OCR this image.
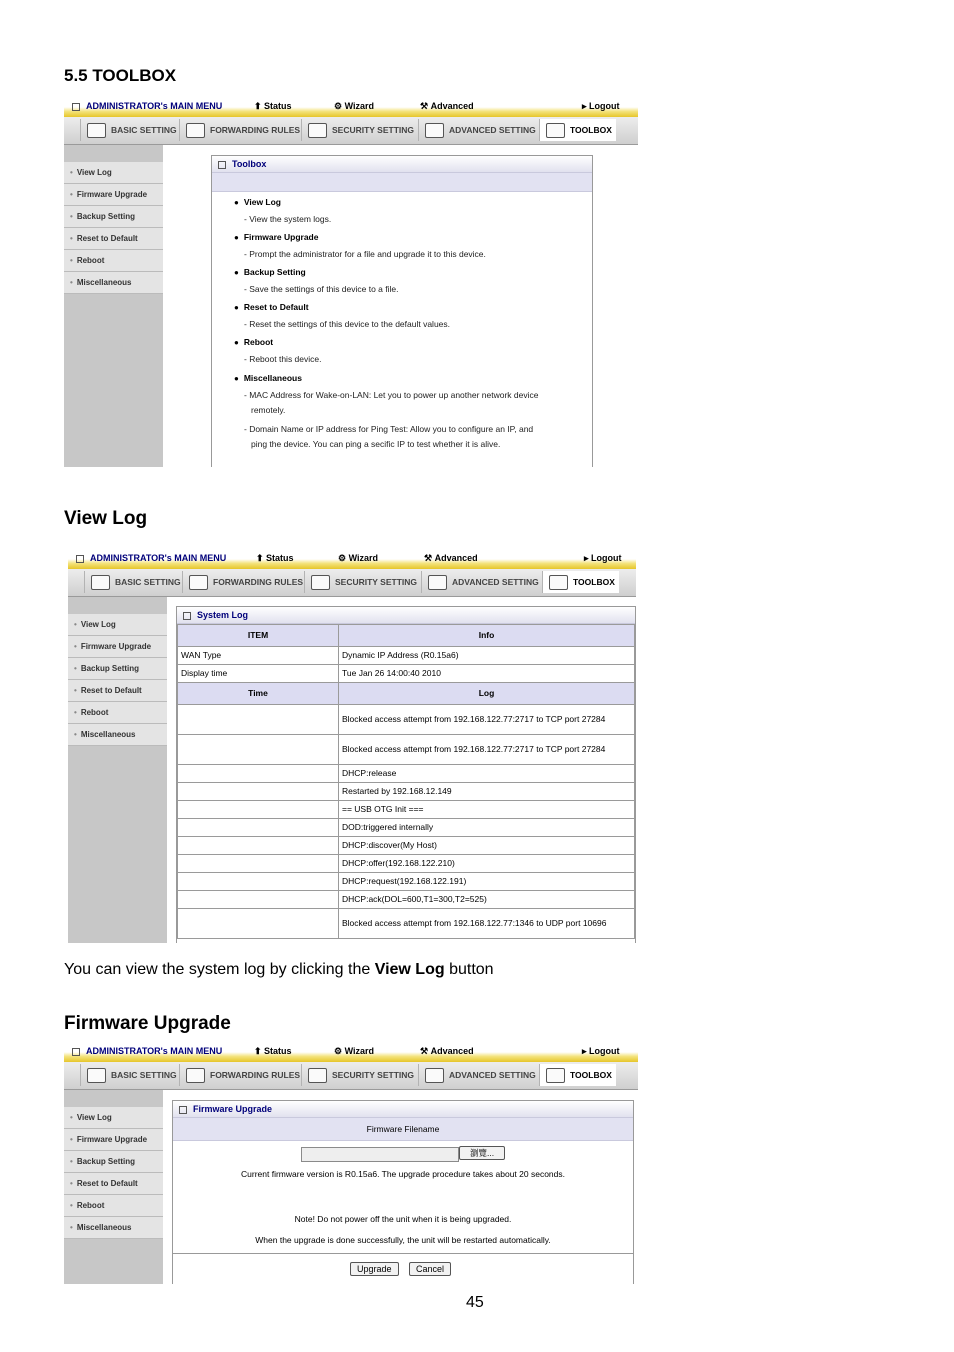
5.5 TOOLBOX
ADMINISTRATOR's MAIN MENU	⬆ Status	⚙ Wizard	⚒ Advanced	▸ Logout
BASIC SETTING	FORWARDING RULES	SECURITY SETTING	ADVANCED SETTING	TOOLBOX
• View Log
• Firmware Upgrade
• Backup Setting
• Reset to Default
• Reboot
• Miscellaneous
Toolbox
● View Log
- View the system logs.
● Firmware Upgrade
- Prompt the administrator for a file and upgrade it to this device.
● Backup Setting
- Save the settings of this device to a file.
● Reset to Default
- Reset the settings of this device to the default values.
● Reboot
- Reboot this device.
● Miscellaneous
- MAC Address for Wake-on-LAN: Let you to power up another network device
remotely.
- Domain Name or IP address for Ping Test: Allow you to configure an IP, and
ping the device. You can ping a secific IP to test whether it is alive.
View Log
ADMINISTRATOR's MAIN MENU	⬆ Status	⚙ Wizard	⚒ Advanced	▸ Logout
BASIC SETTING	FORWARDING RULES	SECURITY SETTING	ADVANCED SETTING	TOOLBOX
• View Log
• Firmware Upgrade
• Backup Setting
• Reset to Default
• Reboot
• Miscellaneous
System Log
ITEM	Info
WAN Type	Dynamic IP Address (R0.15a6)
Display time	Tue Jan 26 14:00:40 2010
Time	Log
	Blocked access attempt from 192.168.122.77:2717 to TCP port 27284
	Blocked access attempt from 192.168.122.77:2717 to TCP port 27284
	DHCP:release
	Restarted by 192.168.12.149
	== USB OTG Init ===
	DOD:triggered internally
	DHCP:discover(My Host)
	DHCP:offer(192.168.122.210)
	DHCP:request(192.168.122.191)
	DHCP:ack(DOL=600,T1=300,T2=525)
	Blocked access attempt from 192.168.122.77:1346 to UDP port 10696
You can view the system log by clicking the View Log button
Firmware Upgrade
ADMINISTRATOR's MAIN MENU	⬆ Status	⚙ Wizard	⚒ Advanced	▸ Logout
BASIC SETTING	FORWARDING RULES	SECURITY SETTING	ADVANCED SETTING	TOOLBOX
• View Log
• Firmware Upgrade
• Backup Setting
• Reset to Default
• Reboot
• Miscellaneous
Firmware Upgrade
Firmware Filename
瀏覽...
Current firmware version is R0.15a6. The upgrade procedure takes about 20 seconds.
Note! Do not power off the unit when it is being upgraded.
When the upgrade is done successfully, the unit will be restarted automatically.
Upgrade	Cancel
45
